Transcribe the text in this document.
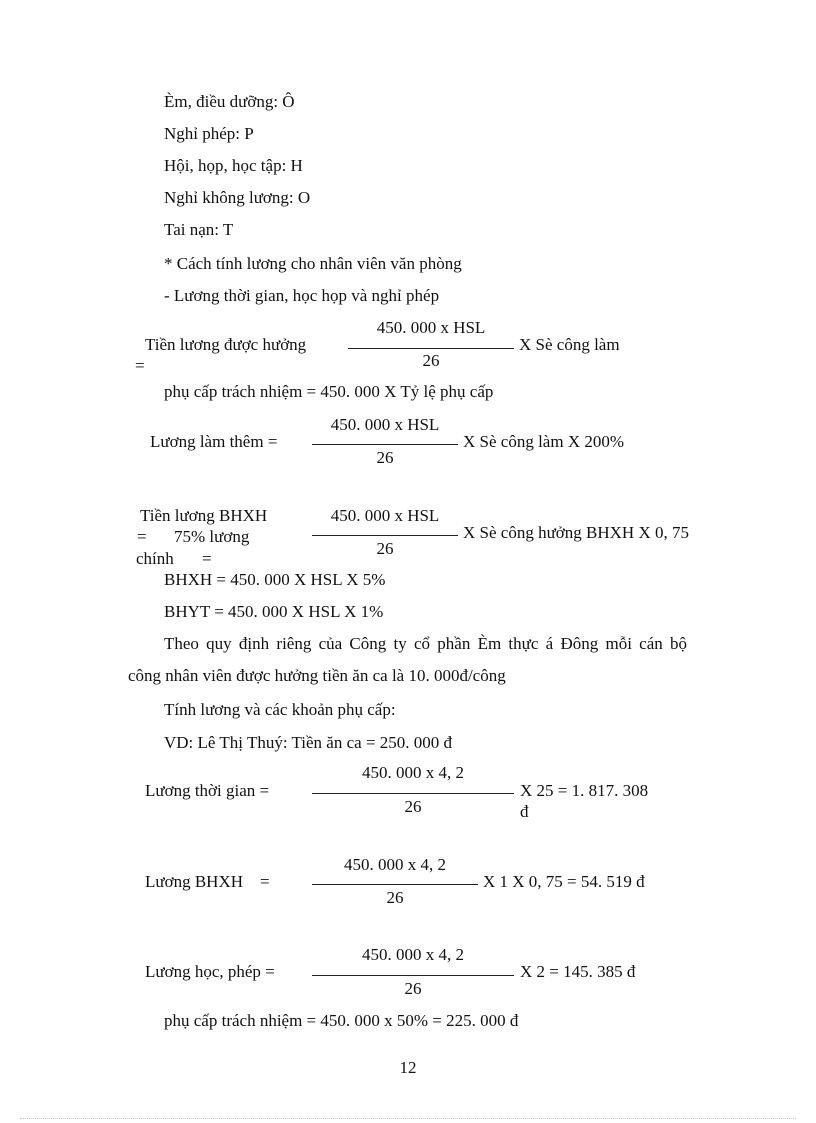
Èm, điều dưỡng: Ô
Nghỉ phép: P
Hội, họp, học tập: H
Nghỉ không lương: O
Tai nạn: T
* Cách tính lương cho nhân viên văn phòng
- Lương thời gian, học họp và nghỉ phép
Tiền lương được hưởng
=
450. 000 x HSL
26
X Sè công làm
phụ cấp trách nhiệm = 450. 000 X Tỷ lệ phụ cấp
Lương làm thêm =
450. 000 x HSL
26
X Sè công làm X 200%
Tiền lương BHXH
= 75% lương
chính =
450. 000 x HSL
26
X Sè công hưởng BHXH X 0, 75
BHXH = 450. 000 X HSL X 5%
BHYT = 450. 000 X HSL X 1%
Theo quy định riêng của Công ty cổ phần Èm thực á Đông mỗi cán bộ
công nhân viên được hưởng tiền ăn ca là 10. 000đ/công
Tính lương và các khoản phụ cấp:
VD: Lê Thị Thuý: Tiền ăn ca = 250. 000 đ
Lương thời gian =
450. 000 x 4, 2
26
X 25 = 1. 817. 308
đ
Lương BHXH    =
450. 000 x 4, 2
26
X 1 X 0, 75 = 54. 519 đ
Lương học, phép =
450. 000 x 4, 2
26
X 2 = 145. 385 đ
phụ cấp trách nhiệm = 450. 000 x 50% = 225. 000 đ
12
